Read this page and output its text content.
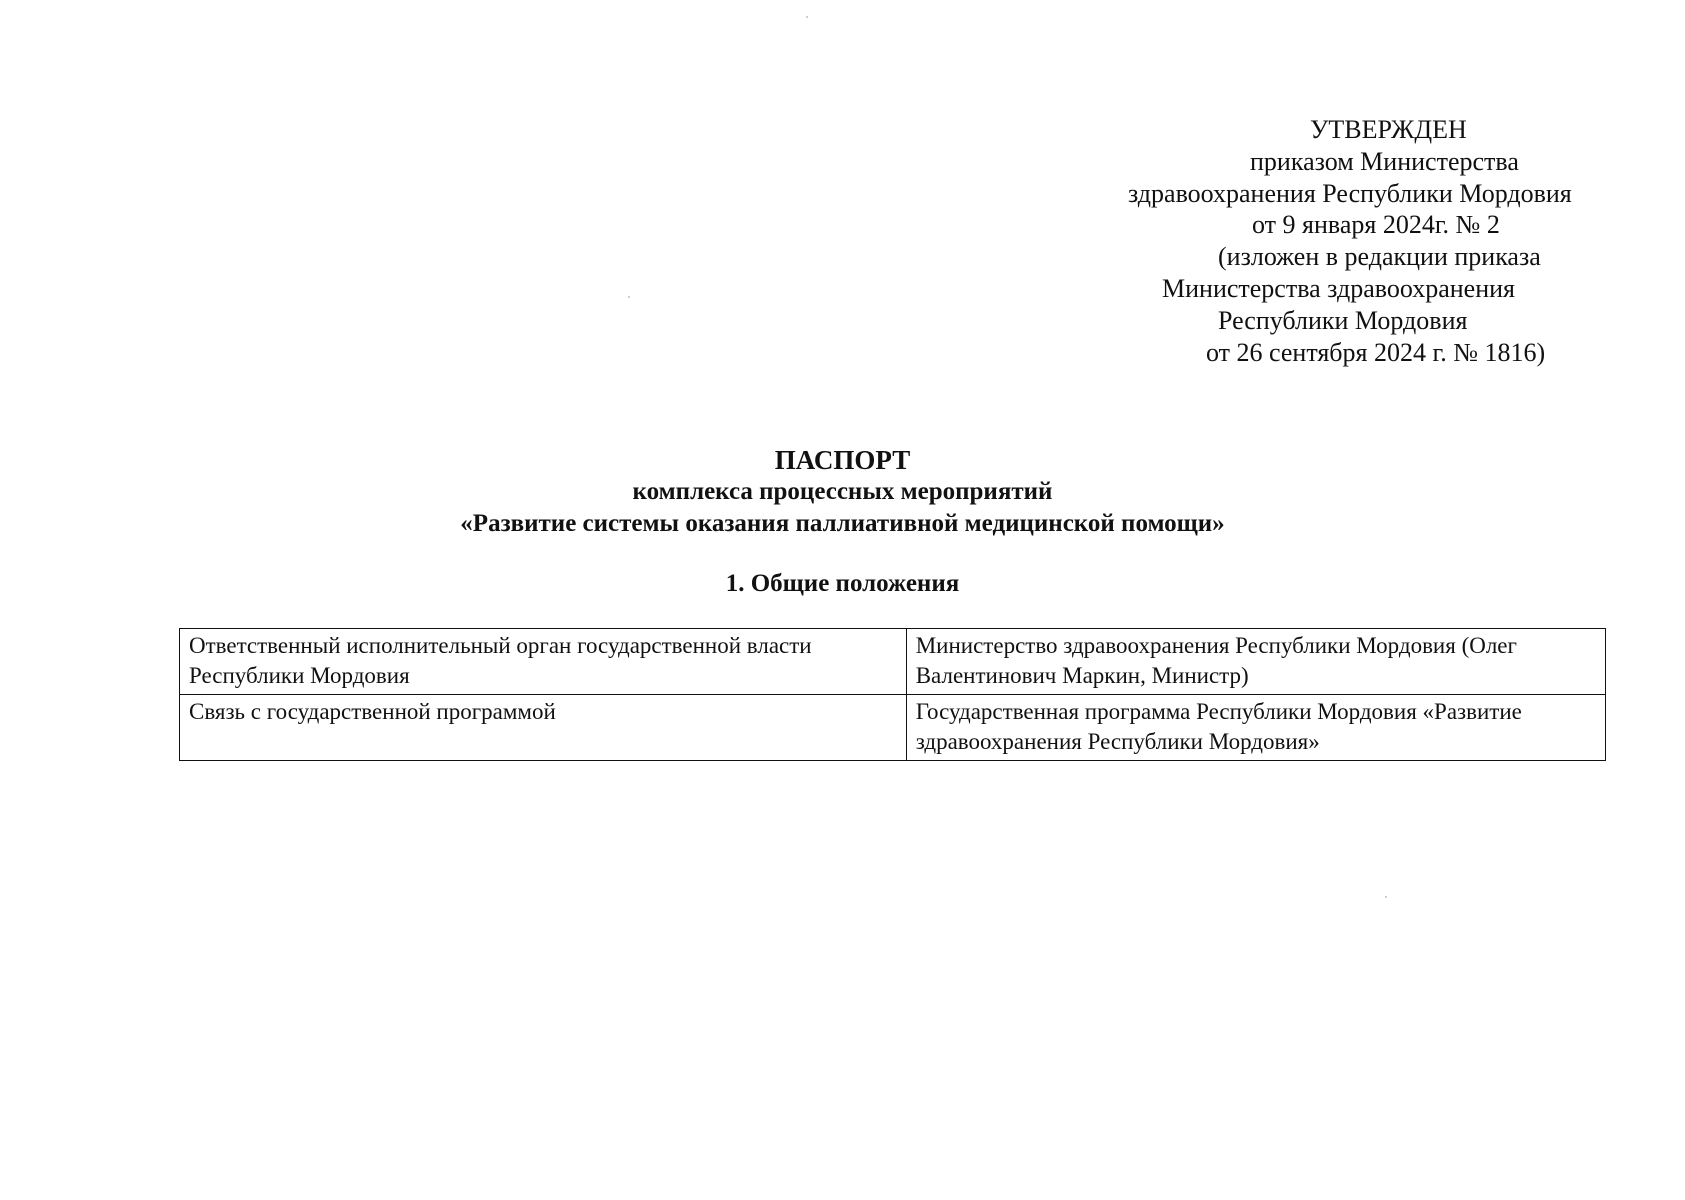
УТВЕРЖДЕН
приказом Министерства
здравоохранения Республики Мордовия
от 9 января 2024г. № 2
(изложен в редакции приказа
Министерства здравоохранения
Республики Мордовия
от 26 сентября 2024 г. № 1816)

ПАСПОРТ

комплекса процессных мероприятий

«Развитие системы оказания паллиативной медицинской помощи»

1. Общие положения
Ответственный исполнительный орган государственной власти Республики Мордовия	Министерство здравоохранения Республики Мордовия (Олег Валентинович Маркин, Министр)
Связь с государственной программой	Государственная программа Республики Мордовия «Развитие здравоохранения Республики Мордовия»
